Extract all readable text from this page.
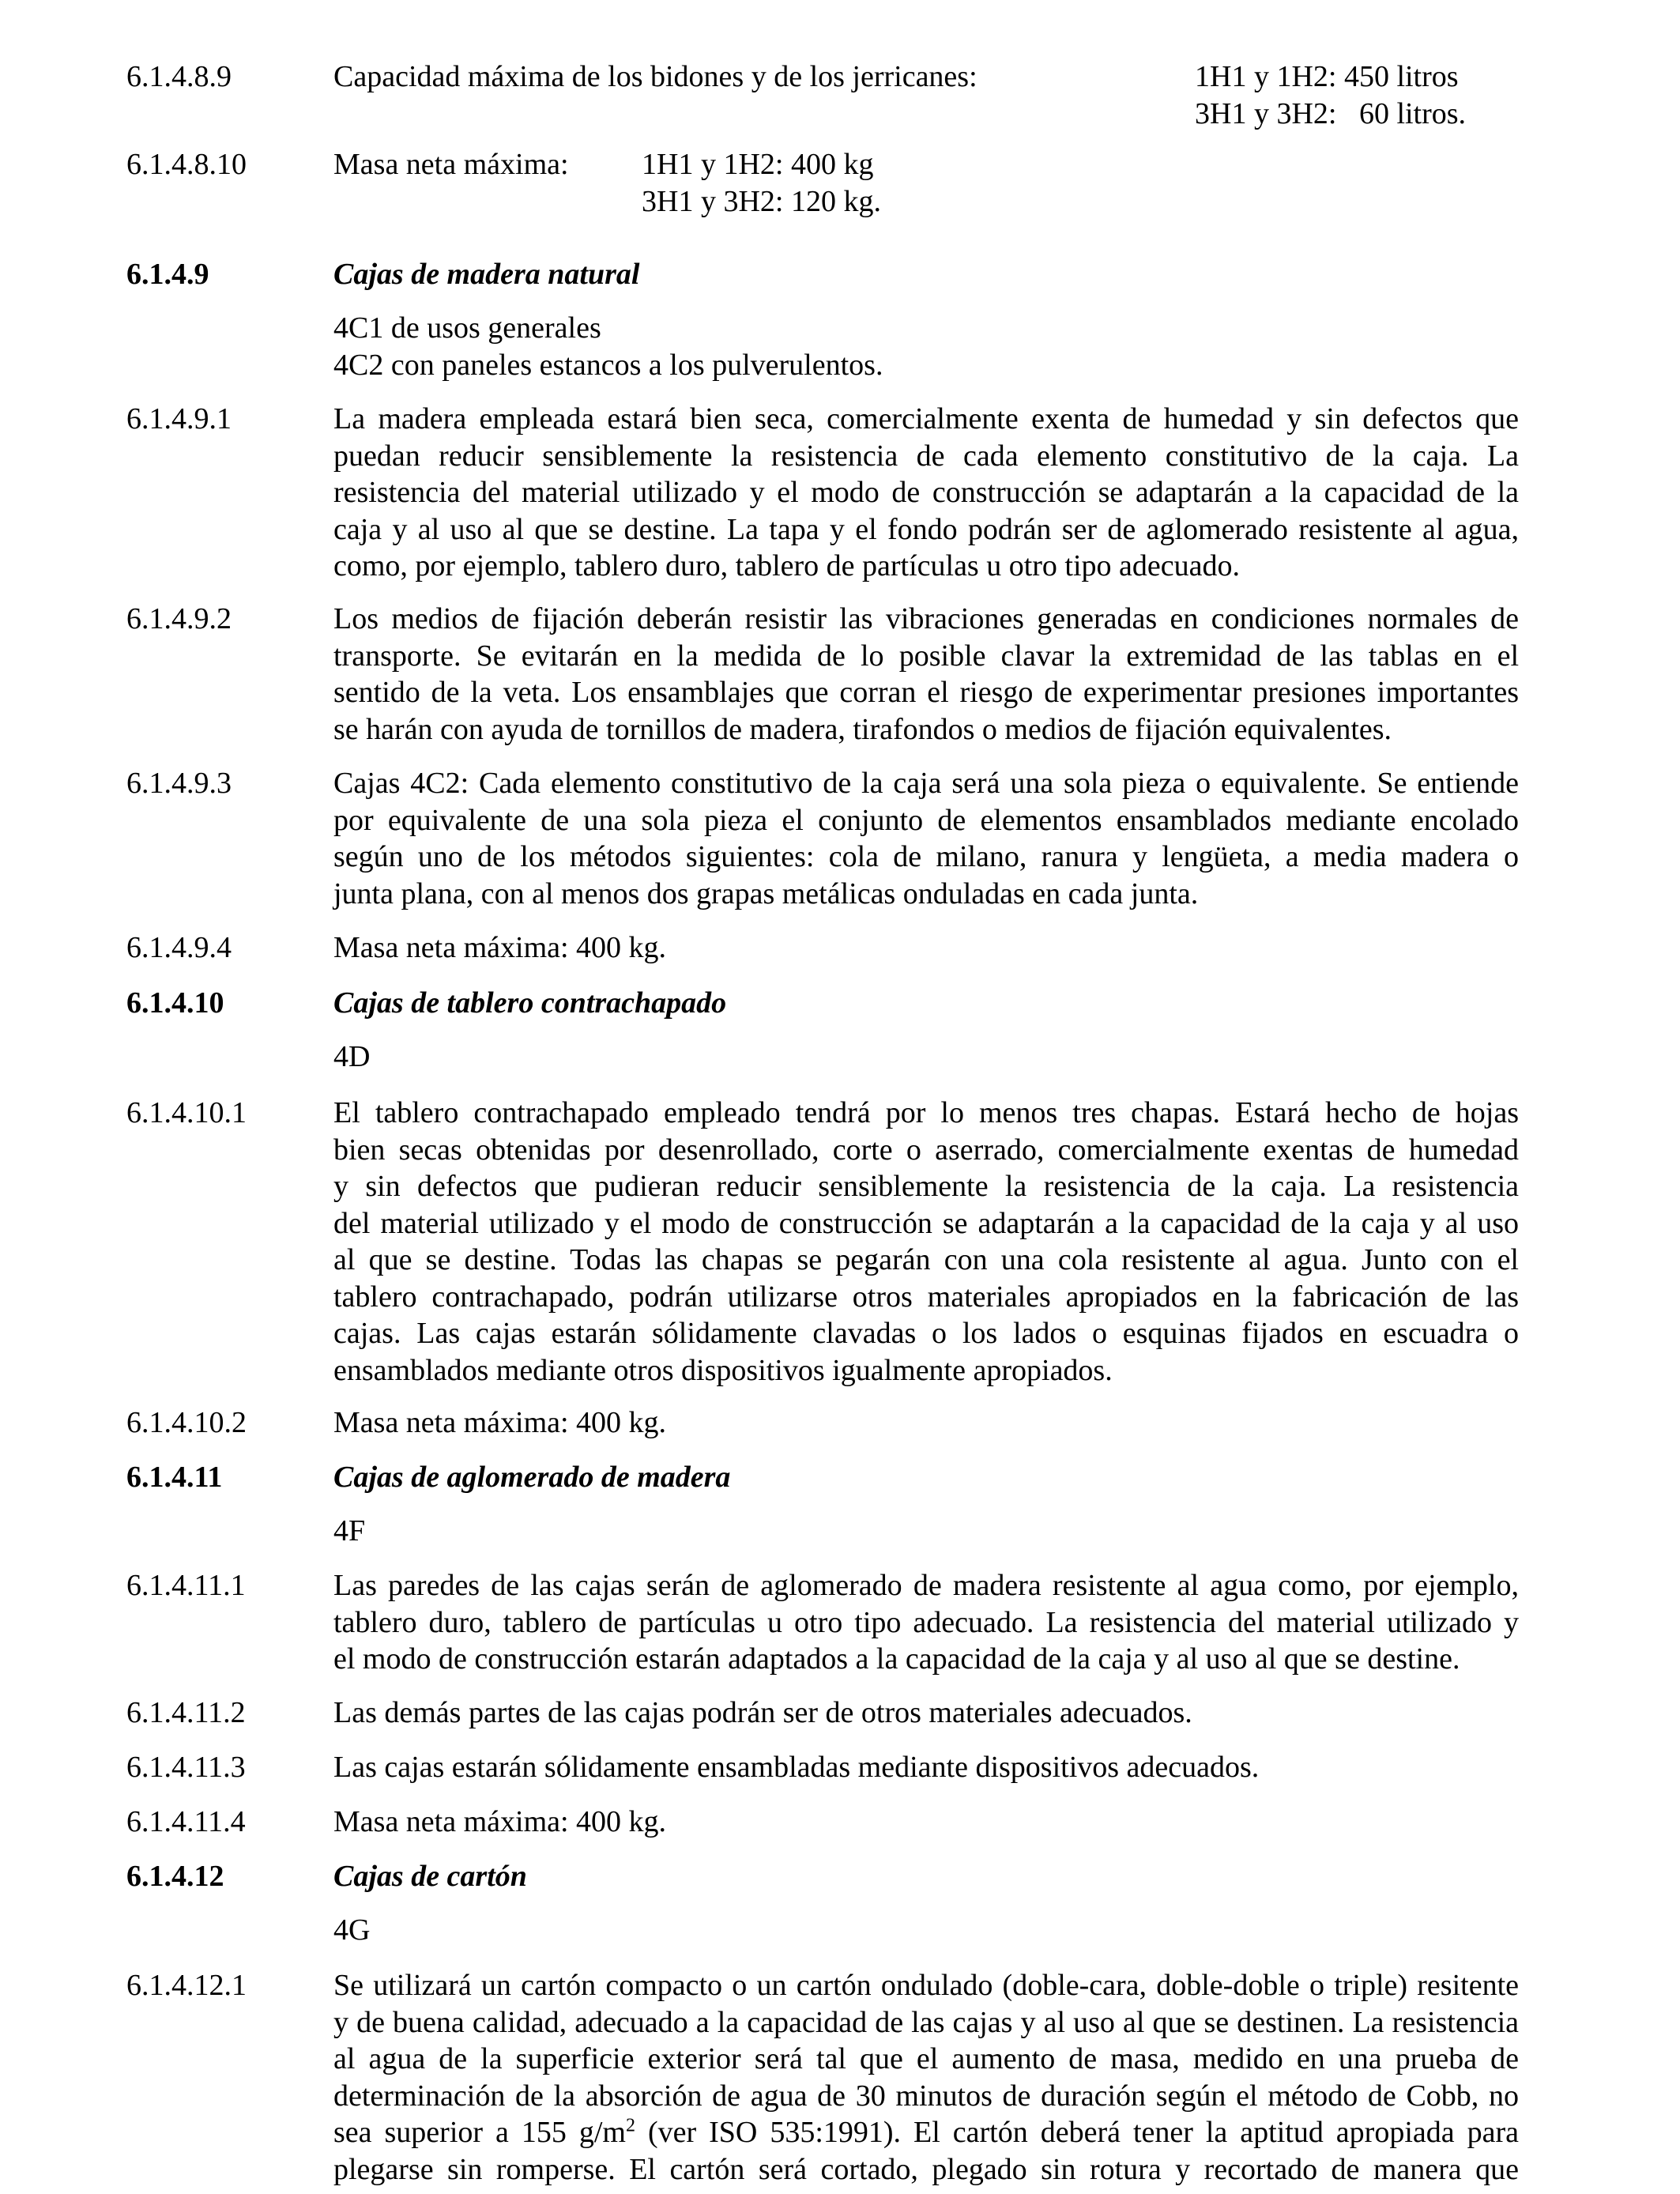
6.1.4.8.9	Capacidad máxima de los bidones y de los jerricanes:	1H1 y 1H2: 450 litros
3H1 y 3H2:   60 litros.
6.1.4.8.10	Masa neta máxima:	1H1 y 1H2: 400 kg
3H1 y 3H2: 120 kg.
6.1.4.9	Cajas de madera natural
4C1 de usos generales
4C2 con paneles estancos a los pulverulentos.
6.1.4.9.1	La madera empleada estará bien seca, comercialmente exenta de humedad y sin defectos que
puedan reducir sensiblemente la resistencia de cada elemento constitutivo de la caja. La
resistencia del material utilizado y el modo de construcción se adaptarán a la capacidad de la
caja y al uso al que se destine. La tapa y el fondo podrán ser de aglomerado resistente al agua,
como, por ejemplo, tablero duro, tablero de partículas u otro tipo adecuado.
6.1.4.9.2	Los medios de fijación deberán resistir las vibraciones generadas en condiciones normales de
transporte. Se evitarán en la medida de lo posible clavar la extremidad de las tablas en el
sentido de la veta. Los ensamblajes que corran el riesgo de experimentar presiones importantes
se harán con ayuda de tornillos de madera, tirafondos o medios de fijación equivalentes.
6.1.4.9.3	Cajas 4C2: Cada elemento constitutivo de la caja será una sola pieza o equivalente. Se entiende
por equivalente de una sola pieza el conjunto de elementos ensamblados mediante encolado
según uno de los métodos siguientes: cola de milano, ranura y lengüeta, a media madera o
junta plana, con al menos dos grapas metálicas onduladas en cada junta.
6.1.4.9.4	Masa neta máxima: 400 kg.
6.1.4.10	Cajas de tablero contrachapado
4D
6.1.4.10.1	El tablero contrachapado empleado tendrá por lo menos tres chapas. Estará hecho de hojas
bien secas obtenidas por desenrollado, corte o aserrado, comercialmente exentas de humedad
y sin defectos que pudieran reducir sensiblemente la resistencia de la caja. La resistencia
del material utilizado y el modo de construcción se adaptarán a la capacidad de la caja y al uso
al que se destine. Todas las chapas se pegarán con una cola resistente al agua. Junto con el
tablero contrachapado, podrán utilizarse otros materiales apropiados en la fabricación de las
cajas. Las cajas estarán sólidamente clavadas o los lados o esquinas fijados en escuadra o
ensamblados mediante otros dispositivos igualmente apropiados.
6.1.4.10.2	Masa neta máxima: 400 kg.
6.1.4.11	Cajas de aglomerado de madera
4F
6.1.4.11.1	Las paredes de las cajas serán de aglomerado de madera resistente al agua como, por ejemplo,
tablero duro, tablero de partículas u otro tipo adecuado. La resistencia del material utilizado y
el modo de construcción estarán adaptados a la capacidad de la caja y al uso al que se destine.
6.1.4.11.2	Las demás partes de las cajas podrán ser de otros materiales adecuados.
6.1.4.11.3	Las cajas estarán sólidamente ensambladas mediante dispositivos adecuados.
6.1.4.11.4	Masa neta máxima: 400 kg.
6.1.4.12	Cajas de cartón
4G
6.1.4.12.1	Se utilizará un cartón compacto o un cartón ondulado (doble-cara, doble-doble o triple) resitente
y de buena calidad, adecuado a la capacidad de las cajas y al uso al que se destinen. La resistencia
al agua de la superficie exterior será tal que el aumento de masa, medido en una prueba de
determinación de la absorción de agua de 30 minutos de duración según el método de Cobb, no
sea superior a 155 $g/m^2$ (ver ISO 535:1991). El cartón deberá tener la aptitud apropiada para
plegarse sin romperse. El cartón será cortado, plegado sin rotura y recortado de manera que
